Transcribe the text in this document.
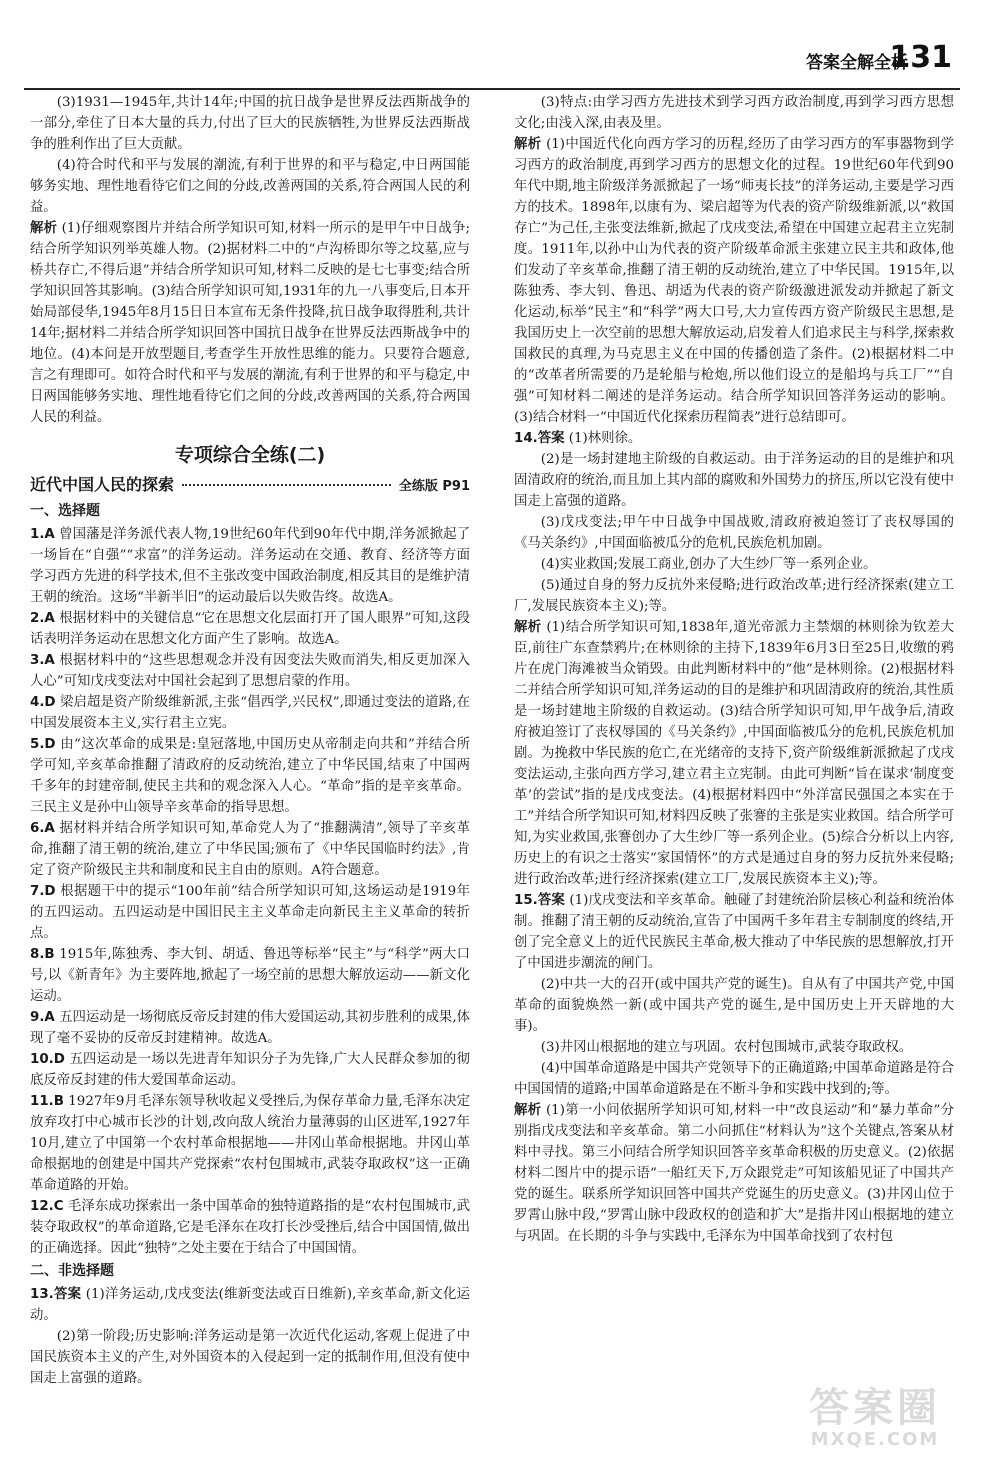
答案全解全析
131

(3)1931—1945年,共计14年;中国的抗日战争是世界反法西斯战争的一部分,牵住了日本大量的兵力,付出了巨大的民族牺牲,为世界反法西斯战争的胜利作出了巨大贡献。

(4)符合时代和平与发展的潮流,有利于世界的和平与稳定,中日两国能够务实地、理性地看待它们之间的分歧,改善两国的关系,符合两国人民的利益。

解析 (1)仔细观察图片并结合所学知识可知,材料一所示的是甲午中日战争;结合所学知识列举英雄人物。(2)据材料二中的“卢沟桥即尔等之坟墓,应与桥共存亡,不得后退”并结合所学知识可知,材料二反映的是七七事变;结合所学知识回答其影响。(3)结合所学知识可知,1931年的九一八事变后,日本开始局部侵华,1945年8月15日日本宣布无条件投降,抗日战争取得胜利,共计14年;据材料二并结合所学知识回答中国抗日战争在世界反法西斯战争中的地位。(4)本问是开放型题目,考查学生开放性思维的能力。只要符合题意,言之有理即可。如符合时代和平与发展的潮流,有利于世界的和平与稳定,中日两国能够务实地、理性地看待它们之间的分歧,改善两国的关系,符合两国人民的利益。

专项综合全练(二)
近代中国人民的探索	全练版 P91
一、选择题

1.A 曾国藩是洋务派代表人物,19世纪60年代到90年代中期,洋务派掀起了一场旨在“自强”“求富”的洋务运动。洋务运动在交通、教育、经济等方面学习西方先进的科学技术,但不主张改变中国政治制度,相反其目的是维护清王朝的统治。这场“半新半旧”的运动最后以失败告终。故选A。

2.A 根据材料中的关键信息“它在思想文化层面打开了国人眼界”可知,这段话表明洋务运动在思想文化方面产生了影响。故选A。

3.A 根据材料中的“这些思想观念并没有因变法失败而消失,相反更加深入人心”可知戊戌变法对中国社会起到了思想启蒙的作用。

4.D 梁启超是资产阶级维新派,主张“倡西学,兴民权”,即通过变法的道路,在中国发展资本主义,实行君主立宪。

5.D 由“这次革命的成果是:皇冠落地,中国历史从帝制走向共和”并结合所学可知,辛亥革命推翻了清政府的反动统治,建立了中华民国,结束了中国两千多年的封建帝制,使民主共和的观念深入人心。“革命”指的是辛亥革命。三民主义是孙中山领导辛亥革命的指导思想。

6.A 据材料并结合所学知识可知,革命党人为了“推翻满清”,领导了辛亥革命,推翻了清王朝的统治,建立了中华民国;颁布了《中华民国临时约法》,肯定了资产阶级民主共和制度和民主自由的原则。A符合题意。

7.D 根据题干中的提示“100年前”结合所学知识可知,这场运动是1919年的五四运动。五四运动是中国旧民主主义革命走向新民主主义革命的转折点。

8.B 1915年,陈独秀、李大钊、胡适、鲁迅等标举“民主”与“科学”两大口号,以《新青年》为主要阵地,掀起了一场空前的思想大解放运动——新文化运动。

9.A 五四运动是一场彻底反帝反封建的伟大爱国运动,其初步胜利的成果,体现了毫不妥协的反帝反封建精神。故选A。

10.D 五四运动是一场以先进青年知识分子为先锋,广大人民群众参加的彻底反帝反封建的伟大爱国革命运动。

11.B 1927年9月毛泽东领导秋收起义受挫后,为保存革命力量,毛泽东决定放弃攻打中心城市长沙的计划,改向敌人统治力量薄弱的山区进军,1927年10月,建立了中国第一个农村革命根据地——井冈山革命根据地。井冈山革命根据地的创建是中国共产党探索“农村包围城市,武装夺取政权”这一正确革命道路的开始。

12.C 毛泽东成功探索出一条中国革命的独特道路指的是“农村包围城市,武装夺取政权”的革命道路,它是毛泽东在攻打长沙受挫后,结合中国国情,做出的正确选择。因此“独特”之处主要在于结合了中国国情。

二、非选择题

13.答案 (1)洋务运动,戊戌变法(维新变法或百日维新),辛亥革命,新文化运动。

(2)第一阶段;历史影响:洋务运动是第一次近代化运动,客观上促进了中国民族资本主义的产生,对外国资本的入侵起到一定的抵制作用,但没有使中国走上富强的道路。

(3)特点:由学习西方先进技术到学习西方政治制度,再到学习西方思想文化;由浅入深,由表及里。

解析 (1)中国近代化向西方学习的历程,经历了由学习西方的军事器物到学习西方的政治制度,再到学习西方的思想文化的过程。19世纪60年代到90年代中期,地主阶级洋务派掀起了一场“师夷长技”的洋务运动,主要是学习西方的技术。1898年,以康有为、梁启超等为代表的资产阶级维新派,以“救国存亡”为己任,主张变法维新,掀起了戊戌变法,希望在中国建立起君主立宪制度。1911年,以孙中山为代表的资产阶级革命派主张建立民主共和政体,他们发动了辛亥革命,推翻了清王朝的反动统治,建立了中华民国。1915年,以陈独秀、李大钊、鲁迅、胡适为代表的资产阶级激进派发动并掀起了新文化运动,标举“民主”和“科学”两大口号,大力宣传西方资产阶级民主思想,是我国历史上一次空前的思想大解放运动,启发着人们追求民主与科学,探索救国救民的真理,为马克思主义在中国的传播创造了条件。(2)根据材料二中的“改革者所需要的乃是轮船与枪炮,所以他们设立的是船坞与兵工厂”“自强”可知材料二阐述的是洋务运动。结合所学知识回答洋务运动的影响。(3)结合材料一“中国近代化探索历程简表”进行总结即可。

14.答案 (1)林则徐。

(2)是一场封建地主阶级的自救运动。由于洋务运动的目的是维护和巩固清政府的统治,而且加上其内部的腐败和外国势力的挤压,所以它没有使中国走上富强的道路。

(3)戊戌变法;甲午中日战争中国战败,清政府被迫签订了丧权辱国的《马关条约》,中国面临被瓜分的危机,民族危机加剧。

(4)实业救国;发展工商业,创办了大生纱厂等一系列企业。

(5)通过自身的努力反抗外来侵略;进行政治改革;进行经济探索(建立工厂,发展民族资本主义);等。

解析 (1)结合所学知识可知,1838年,道光帝派力主禁烟的林则徐为钦差大臣,前往广东查禁鸦片;在林则徐的主持下,1839年6月3日至25日,收缴的鸦片在虎门海滩被当众销毁。由此判断材料中的“他”是林则徐。(2)根据材料二并结合所学知识可知,洋务运动的目的是维护和巩固清政府的统治,其性质是一场封建地主阶级的自救运动。(3)结合所学知识可知,甲午战争后,清政府被迫签订了丧权辱国的《马关条约》,中国面临被瓜分的危机,民族危机加剧。为挽救中华民族的危亡,在光绪帝的支持下,资产阶级维新派掀起了戊戌变法运动,主张向西方学习,建立君主立宪制。由此可判断“旨在谋求‘制度变革’的尝试”指的是戊戌变法。(4)根据材料四中“外洋富民强国之本实在于工”并结合所学知识可知,材料四反映了张謇的主张是实业救国。结合所学可知,为实业救国,张謇创办了大生纱厂等一系列企业。(5)综合分析以上内容,历史上的有识之士落实“家国情怀”的方式是通过自身的努力反抗外来侵略;进行政治改革;进行经济探索(建立工厂,发展民族资本主义);等。

15.答案 (1)戊戌变法和辛亥革命。触碰了封建统治阶层核心利益和统治体制。推翻了清王朝的反动统治,宣告了中国两千多年君主专制制度的终结,开创了完全意义上的近代民族民主革命,极大推动了中华民族的思想解放,打开了中国进步潮流的闸门。

(2)中共一大的召开(或中国共产党的诞生)。自从有了中国共产党,中国革命的面貌焕然一新(或中国共产党的诞生,是中国历史上开天辟地的大事)。

(3)井冈山根据地的建立与巩固。农村包围城市,武装夺取政权。

(4)中国革命道路是中国共产党领导下的正确道路;中国革命道路是符合中国国情的道路;中国革命道路是在不断斗争和实践中找到的;等。

解析 (1)第一小问依据所学知识可知,材料一中“改良运动”和“暴力革命”分别指戊戌变法和辛亥革命。第二小问抓住“材料认为”这个关键点,答案从材料中寻找。第三小问结合所学知识回答辛亥革命积极的历史意义。(2)依据材料二图片中的提示语“一船红天下,万众跟党走”可知该船见证了中国共产党的诞生。联系所学知识回答中国共产党诞生的历史意义。(3)井冈山位于罗霄山脉中段,“罗霄山脉中段政权的创造和扩大”是指井冈山根据地的建立与巩固。在长期的斗争与实践中,毛泽东为中国革命找到了农村包

答案圈
MXQE.COM
